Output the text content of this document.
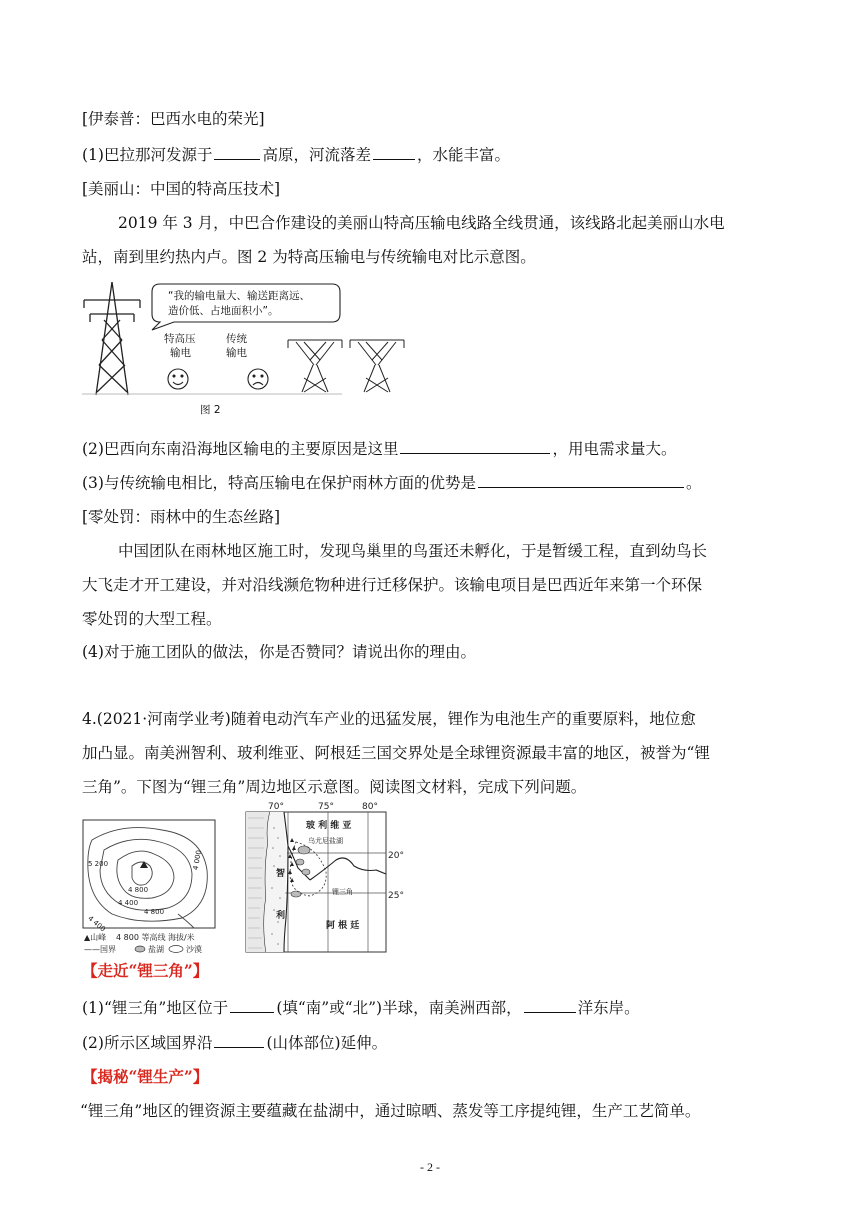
[伊泰普：巴西水电的荣光]
(1)巴拉那河发源于	高原，河流落差	，水能丰富。
[美丽山：中国的特高压技术]
2019 年 3 月，中巴合作建设的美丽山特高压输电线路全线贯通，该线路北起美丽山水电
站，南到里约热内卢。图 2 为特高压输电与传统输电对比示意图。
“我的输电量大、输送距离远、
造价低、占地面积小”。
特高压
输电
传统
输电
图 2
(2)巴西向东南沿海地区输电的主要原因是这里	，用电需求量大。
(3)与传统输电相比，特高压输电在保护雨林方面的优势是	。
[零处罚：雨林中的生态丝路]
中国团队在雨林地区施工时，发现鸟巢里的鸟蛋还未孵化，于是暂缓工程，直到幼鸟长
大飞走才开工建设，并对沿线濒危物种进行迁移保护。该输电项目是巴西近年来第一个环保
零处罚的大型工程。
(4)对于施工团队的做法，你是否赞同？请说出你的理由。
4.(2021·河南学业考)随着电动汽车产业的迅猛发展，锂作为电池生产的重要原料，地位愈
加凸显。南美洲智利、玻利维亚、阿根廷三国交界处是全球锂资源最丰富的地区，被誉为“锂
三角”。下图为“锂三角”周边地区示意图。阅读图文材料，完成下列问题。
5 200
4 800
4 400
4 000
4 400
4 800
▲山峰 4 800 等高线 海拔/米
——国界	盐湖	沙漠
70°	75°	80°
20°
25°
玻 利 维 亚
乌尤尼盐湖
阿 根 廷
智
利
锂三角
【走近“锂三角”】
(1)“锂三角”地区位于	(填“南”或“北”)半球，南美洲西部，	洋东岸。
(2)所示区域国界沿	(山体部位)延伸。
【揭秘“锂生产”】
“锂三角”地区的锂资源主要蕴藏在盐湖中，通过晾晒、蒸发等工序提纯锂，生产工艺简单。
- 2 -
